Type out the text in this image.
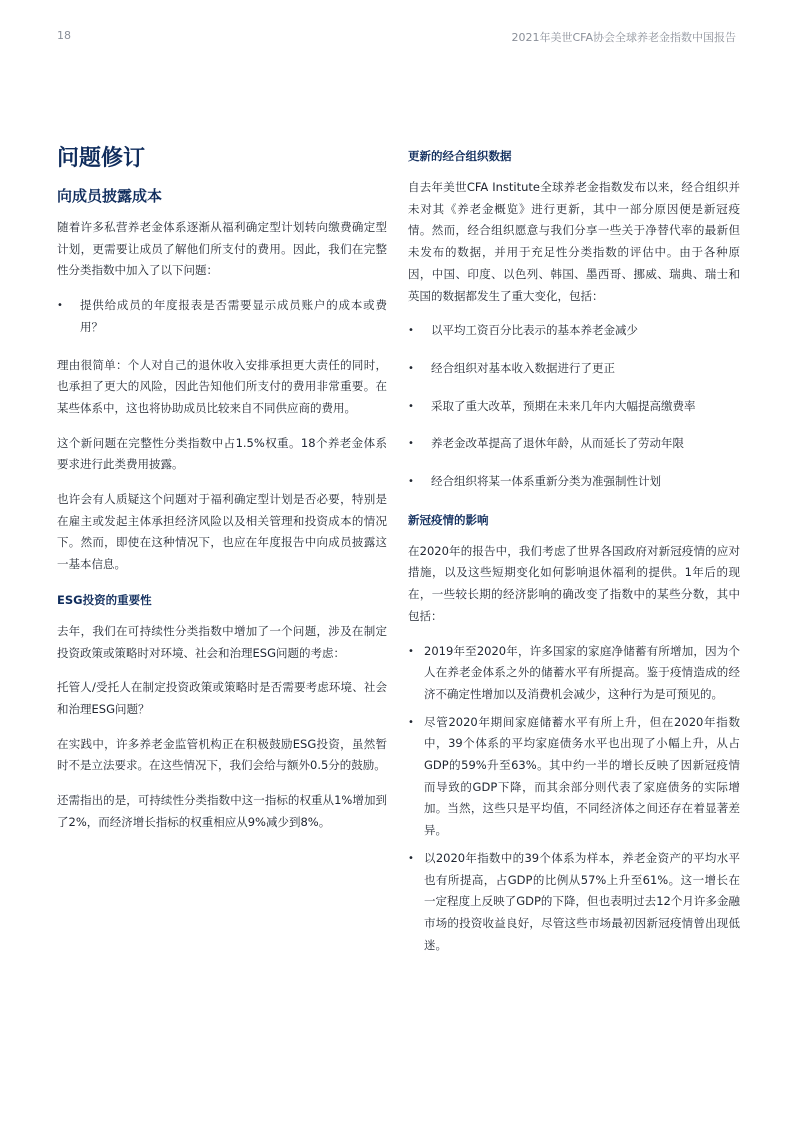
18	2021年美世CFA协会全球养老金指数中国报告
问题修订
向成员披露成本

随着许多私营养老金体系逐渐从福利确定型计划转向缴费确定型计划，更需要让成员了解他们所支付的费用。因此，我们在完整性分类指数中加入了以下问题：

• 提供给成员的年度报表是否需要显示成员账户的成本或费用？

理由很简单：个人对自己的退休收入安排承担更大责任的同时，也承担了更大的风险，因此告知他们所支付的费用非常重要。在某些体系中，这也将协助成员比较来自不同供应商的费用。

这个新问题在完整性分类指数中占1.5%权重。18个养老金体系要求进行此类费用披露。

也许会有人质疑这个问题对于福利确定型计划是否必要，特别是在雇主或发起主体承担经济风险以及相关管理和投资成本的情况下。然而，即使在这种情况下，也应在年度报告中向成员披露这一基本信息。

ESG投资的重要性

去年，我们在可持续性分类指数中增加了一个问题，涉及在制定投资政策或策略时对环境、社会和治理ESG问题的考虑：

托管人/受托人在制定投资政策或策略时是否需要考虑环境、社会和治理ESG问题？

在实践中，许多养老金监管机构正在积极鼓励ESG投资，虽然暂时不是立法要求。在这些情况下，我们会给与额外0.5分的鼓励。

还需指出的是，可持续性分类指数中这一指标的权重从1%增加到了2%，而经济增长指标的权重相应从9%减少到8%。

更新的经合组织数据

自去年美世CFA Institute全球养老金指数发布以来，经合组织并未对其《养老金概览》进行更新，其中一部分原因便是新冠疫情。然而，经合组织愿意与我们分享一些关于净替代率的最新但未发布的数据，并用于充足性分类指数的评估中。由于各种原因，中国、印度、以色列、韩国、墨西哥、挪威、瑞典、瑞士和英国的数据都发生了重大变化，包括：

• 以平均工资百分比表示的基本养老金减少
• 经合组织对基本收入数据进行了更正
• 采取了重大改革，预期在未来几年内大幅提高缴费率
• 养老金改革提高了退休年龄，从而延长了劳动年限
• 经合组织将某一体系重新分类为准强制性计划
新冠疫情的影响

在2020年的报告中，我们考虑了世界各国政府对新冠疫情的应对措施，以及这些短期变化如何影响退休福利的提供。1年后的现在，一些较长期的经济影响的确改变了指数中的某些分数，其中包括：

• 2019年至2020年，许多国家的家庭净储蓄有所增加，因为个人在养老金体系之外的储蓄水平有所提高。鉴于疫情造成的经济不确定性增加以及消费机会减少，这种行为是可预见的。
• 尽管2020年期间家庭储蓄水平有所上升，但在2020年指数中，39个体系的平均家庭债务水平也出现了小幅上升，从占GDP的59%升至63%。其中约一半的增长反映了因新冠疫情而导致的GDP下降，而其余部分则代表了家庭债务的实际增加。当然，这些只是平均值，不同经济体之间还存在着显著差异。
• 以2020年指数中的39个体系为样本，养老金资产的平均水平也有所提高，占GDP的比例从57%上升至61%。这一增长在一定程度上反映了GDP的下降，但也表明过去12个月许多金融市场的投资收益良好，尽管这些市场最初因新冠疫情曾出现低迷。
